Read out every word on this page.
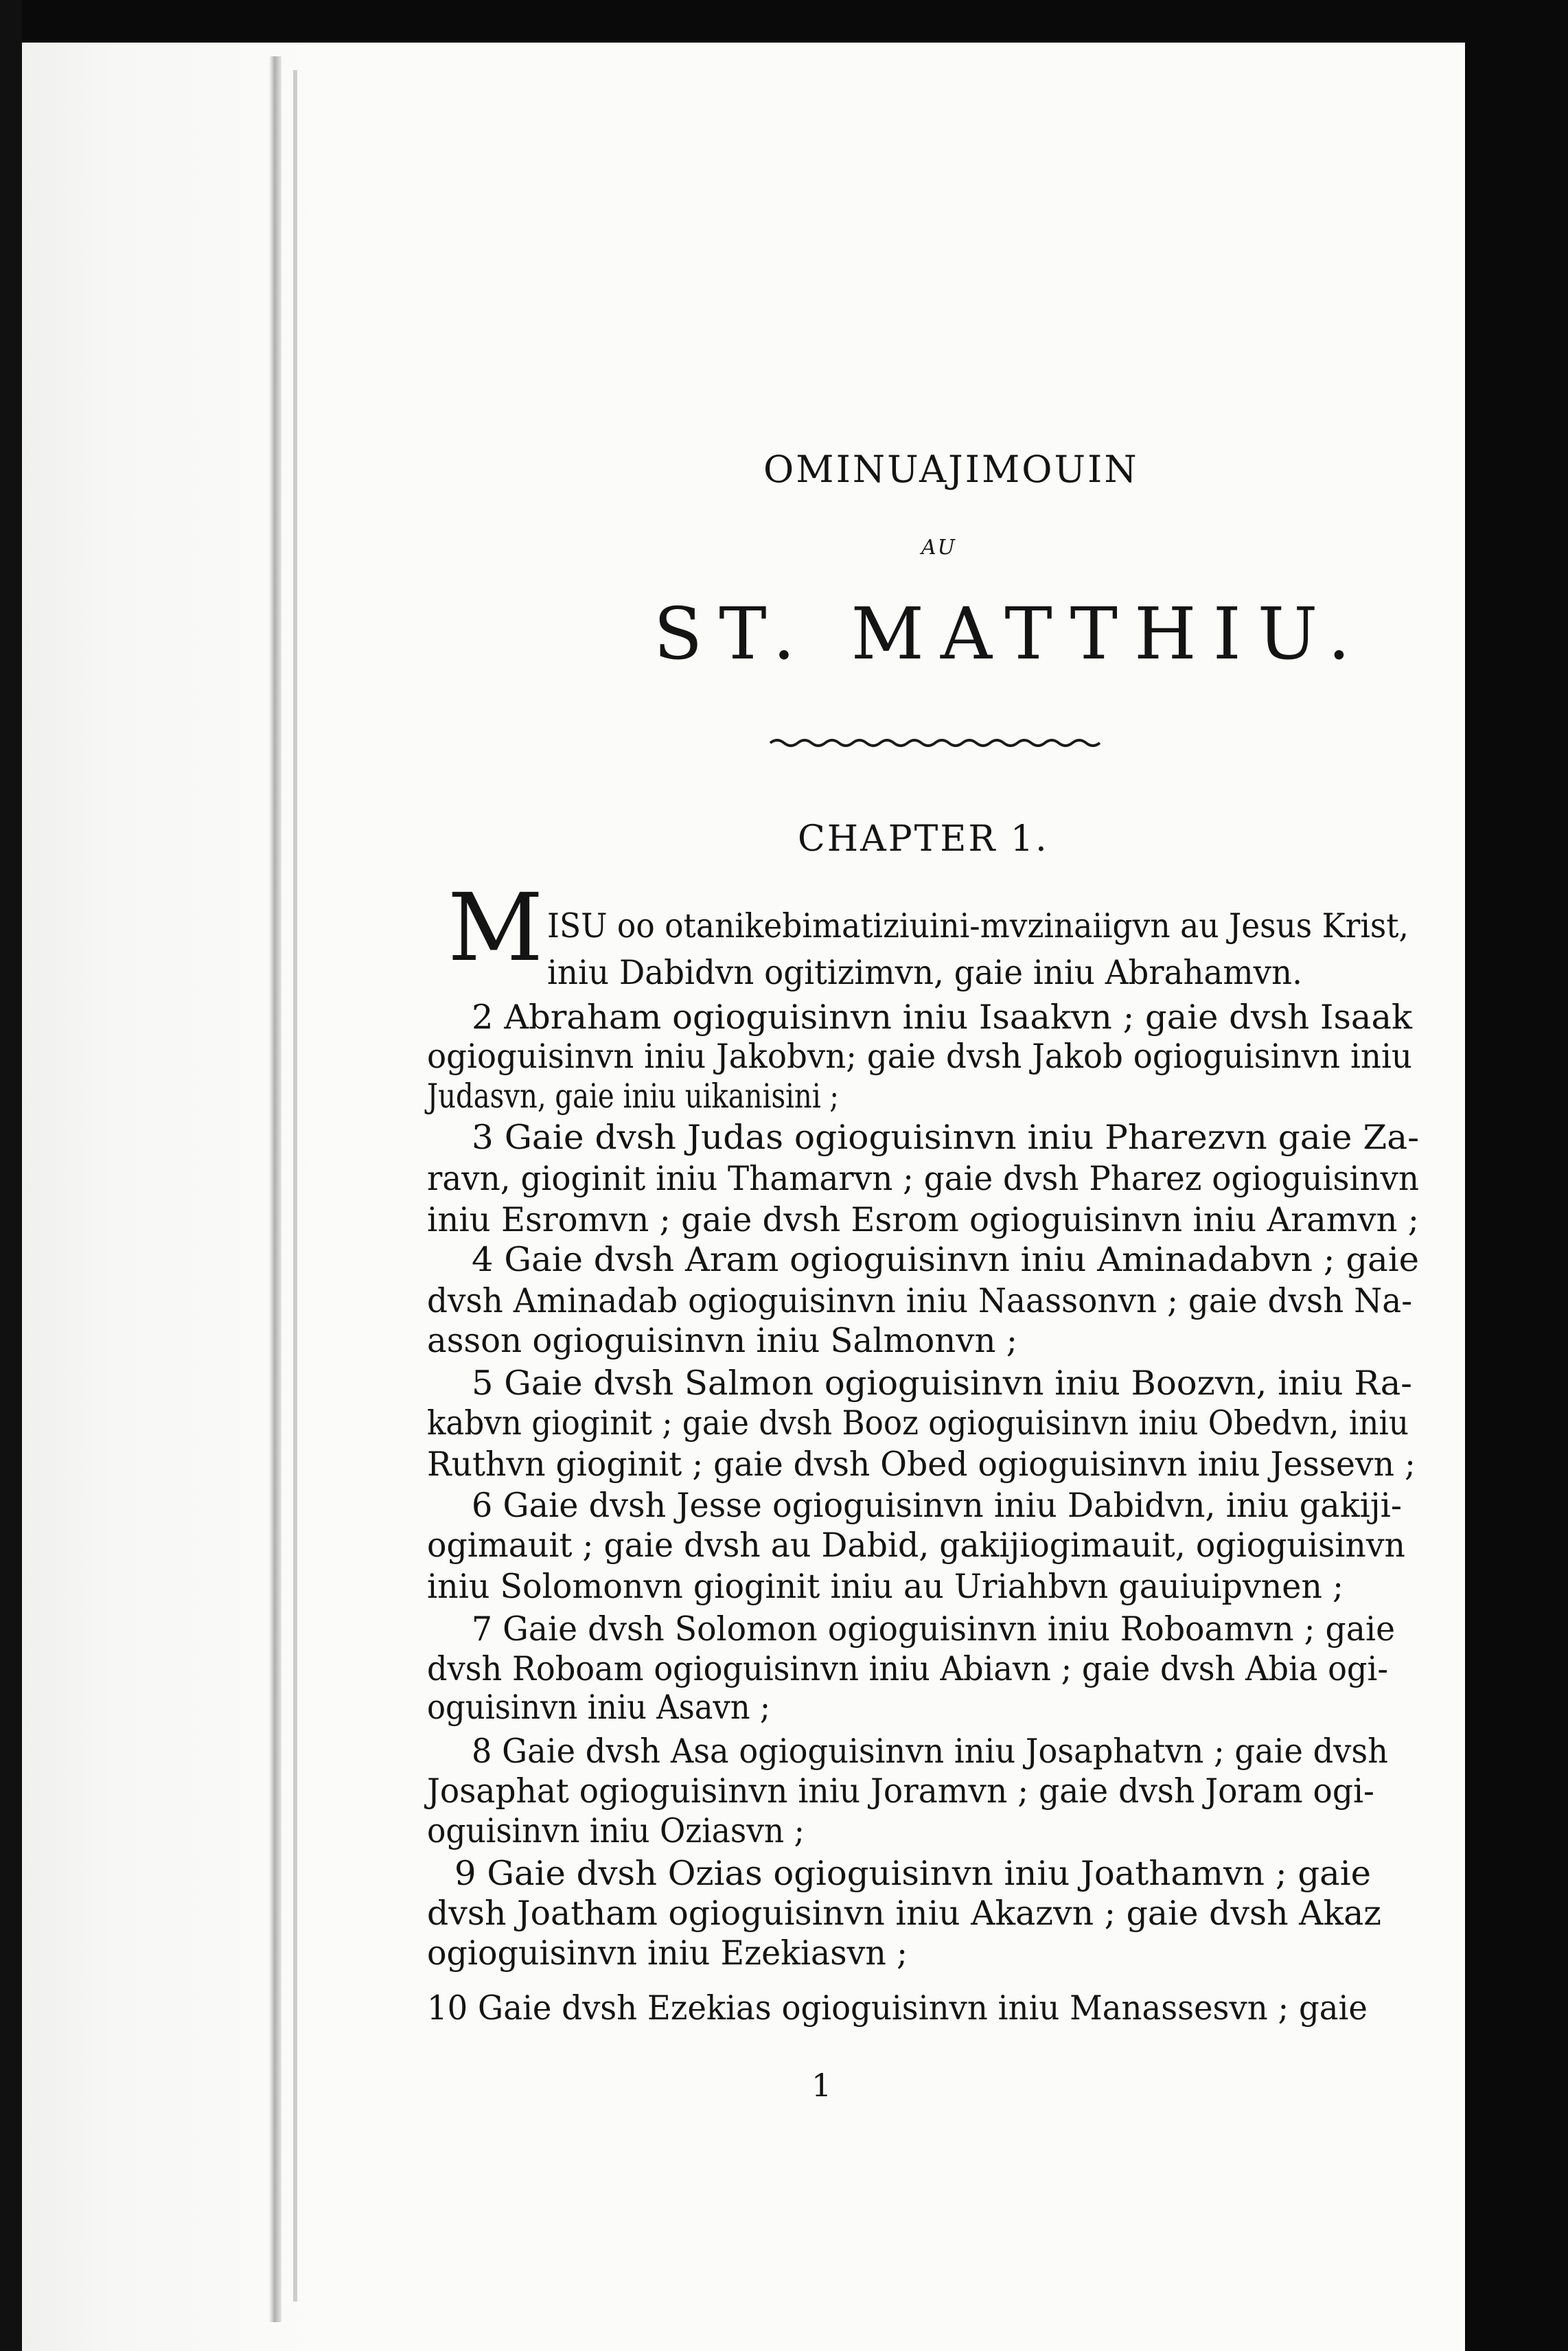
OMINUAJIMOUIN
AU
ST. MATTHIU.
CHAPTER 1.
M ISU oo otanikebimatiziuini-mvzinaiigvn au Jesus Krist,
iniu Dabidvn ogitizimvn, gaie iniu Abrahamvn.
2 Abraham ogioguisinvn iniu Isaakvn ; gaie dvsh Isaak
ogioguisinvn iniu Jakobvn; gaie dvsh Jakob ogioguisinvn iniu
Judasvn, gaie iniu uikanisini ;
3 Gaie dvsh Judas ogioguisinvn iniu Pharezvn gaie Za-
ravn, gioginit iniu Thamarvn ; gaie dvsh Pharez ogioguisinvn
iniu Esromvn ; gaie dvsh Esrom ogioguisinvn iniu Aramvn ;
4 Gaie dvsh Aram ogioguisinvn iniu Aminadabvn ; gaie
dvsh Aminadab ogioguisinvn iniu Naassonvn ; gaie dvsh Na-
asson ogioguisinvn iniu Salmonvn ;
5 Gaie dvsh Salmon ogioguisinvn iniu Boozvn, iniu Ra-
kabvn gioginit ; gaie dvsh Booz ogioguisinvn iniu Obedvn, iniu
Ruthvn gioginit ; gaie dvsh Obed ogioguisinvn iniu Jessevn ;
6 Gaie dvsh Jesse ogioguisinvn iniu Dabidvn, iniu gakiji-
ogimauit ; gaie dvsh au Dabid, gakijiogimauit, ogioguisinvn
iniu Solomonvn gioginit iniu au Uriahbvn gauiuipvnen ;
7 Gaie dvsh Solomon ogioguisinvn iniu Roboamvn ; gaie
dvsh Roboam ogioguisinvn iniu Abiavn ; gaie dvsh Abia ogi-
oguisinvn iniu Asavn ;
8 Gaie dvsh Asa ogioguisinvn iniu Josaphatvn ; gaie dvsh
Josaphat ogioguisinvn iniu Joramvn ; gaie dvsh Joram ogi-
oguisinvn iniu Oziasvn ;
9 Gaie dvsh Ozias ogioguisinvn iniu Joathamvn ; gaie
dvsh Joatham ogioguisinvn iniu Akazvn ; gaie dvsh Akaz
ogioguisinvn iniu Ezekiasvn ;
10 Gaie dvsh Ezekias ogioguisinvn iniu Manassesvn ; gaie
1
